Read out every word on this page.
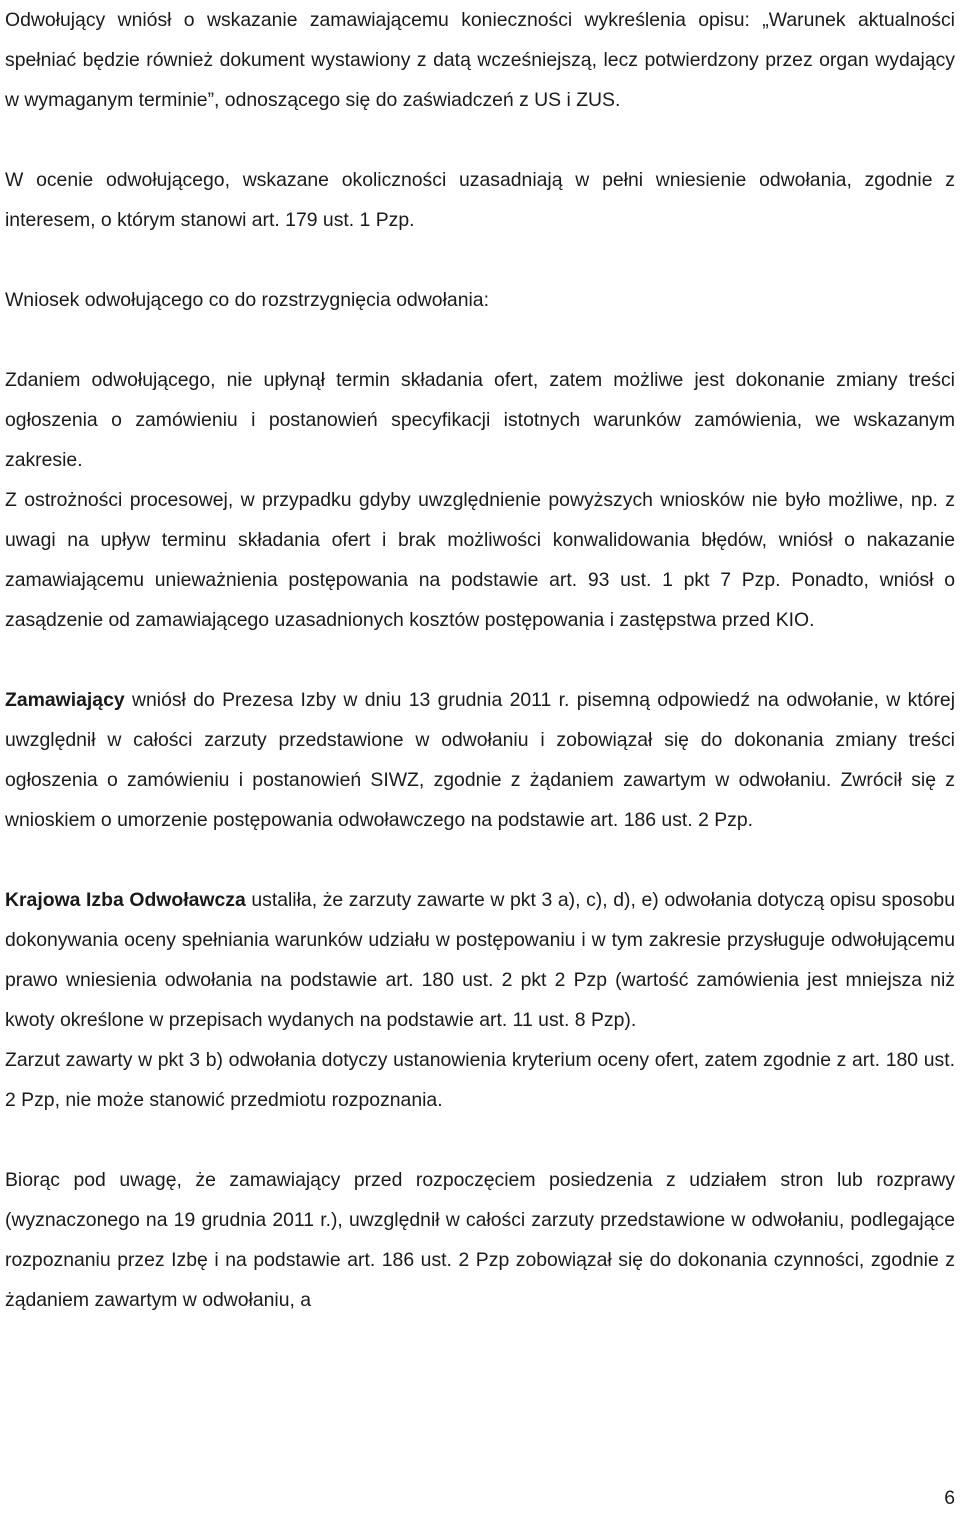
Odwołujący wniósł o wskazanie zamawiającemu konieczności wykreślenia opisu: „Warunek aktualności spełniać będzie również dokument wystawiony z datą wcześniejszą, lecz potwierdzony przez organ wydający w wymaganym terminie”, odnoszącego się do zaświadczeń z US i ZUS.

W ocenie odwołującego, wskazane okoliczności uzasadniają w pełni wniesienie odwołania, zgodnie z interesem, o którym stanowi art. 179 ust. 1 Pzp.

Wniosek odwołującego co do rozstrzygnięcia odwołania:

Zdaniem odwołującego, nie upłynął termin składania ofert, zatem możliwe jest dokonanie zmiany treści ogłoszenia o zamówieniu i postanowień specyfikacji istotnych warunków zamówienia, we wskazanym zakresie.

Z ostrożności procesowej, w przypadku gdyby uwzględnienie powyższych wniosków nie było możliwe, np. z uwagi na upływ terminu składania ofert i brak możliwości konwalidowania błędów, wniósł o nakazanie zamawiającemu unieważnienia postępowania na podstawie art. 93 ust. 1 pkt 7 Pzp. Ponadto, wniósł o zasądzenie od zamawiającego uzasadnionych kosztów postępowania i zastępstwa przed KIO.

Zamawiający wniósł do Prezesa Izby w dniu 13 grudnia 2011 r. pisemną odpowiedź na odwołanie, w której uwzględnił w całości zarzuty przedstawione w odwołaniu i zobowiązał się do dokonania zmiany treści ogłoszenia o zamówieniu i postanowień SIWZ, zgodnie z żądaniem zawartym w odwołaniu. Zwrócił się z wnioskiem o umorzenie postępowania odwoławczego na podstawie art. 186 ust. 2 Pzp.

Krajowa Izba Odwoławcza ustaliła, że zarzuty zawarte w pkt 3 a), c), d), e) odwołania dotyczą opisu sposobu dokonywania oceny spełniania warunków udziału w postępowaniu i w tym zakresie przysługuje odwołującemu prawo wniesienia odwołania na podstawie art. 180 ust. 2 pkt 2 Pzp (wartość zamówienia jest mniejsza niż kwoty określone w przepisach wydanych na podstawie art. 11 ust. 8 Pzp).

Zarzut zawarty w pkt 3 b) odwołania dotyczy ustanowienia kryterium oceny ofert, zatem zgodnie z art. 180 ust. 2 Pzp, nie może stanowić przedmiotu rozpoznania.

Biorąc pod uwagę, że zamawiający przed rozpoczęciem posiedzenia z udziałem stron lub rozprawy (wyznaczonego na 19 grudnia 2011 r.), uwzględnił w całości zarzuty przedstawione w odwołaniu, podlegające rozpoznaniu przez Izbę i na podstawie art. 186 ust. 2 Pzp zobowiązał się do dokonania czynności, zgodnie z żądaniem zawartym w odwołaniu, a

6
